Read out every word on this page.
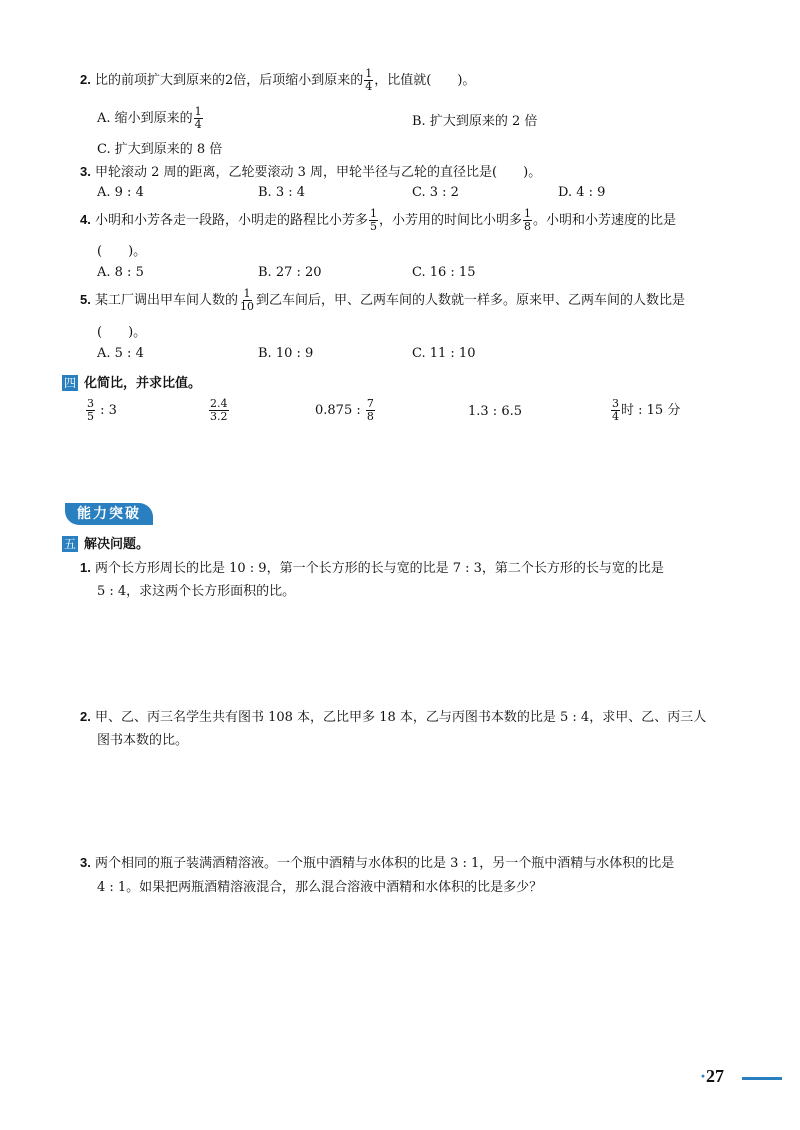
2. 比的前项扩大到原来的2倍，后项缩小到原来的 $\frac{1}{4}$ ，比值就(　　)。
A. 缩小到原来的 $\frac{1}{4}$	B. 扩大到原来的 2 倍
C. 扩大到原来的 8 倍
3. 甲轮滚动 2 周的距离，乙轮要滚动 3 周，甲轮半径与乙轮的直径比是(　　)。
A. 9 : 4	B. 3 : 4	C. 3 : 2	D. 4 : 9
4. 小明和小芳各走一段路，小明走的路程比小芳多 $\frac{1}{5}$ ，小芳用的时间比小明多 $\frac{1}{8}$ 。小明和小芳速度的比是
(　　)。
A. 8 : 5	B. 27 : 20	C. 16 : 15
5. 某工厂调出甲车间人数的 $\frac{1}{10}$ 到乙车间后，甲、乙两车间的人数就一样多。原来甲、乙两车间的人数比是
(　　)。
A. 5 : 4	B. 10 : 9	C. 11 : 10
四 化简比，并求比值。
$\frac{3}{5}$ : 3	$\frac{2.4}{3.2}$	0.875 : $\frac{7}{8}$	1.3 : 6.5	$\frac{3}{4}$ 时 : 15 分
能力突破
五 解决问题。
1. 两个长方形周长的比是 10 : 9，第一个长方形的长与宽的比是 7 : 3，第二个长方形的长与宽的比是
5 : 4，求这两个长方形面积的比。
2. 甲、乙、丙三名学生共有图书 108 本，乙比甲多 18 本，乙与丙图书本数的比是 5 : 4，求甲、乙、丙三人
图书本数的比。
3. 两个相同的瓶子装满酒精溶液。一个瓶中酒精与水体积的比是 3 : 1，另一个瓶中酒精与水体积的比是
4 : 1。如果把两瓶酒精溶液混合，那么混合溶液中酒精和水体积的比是多少？
·27
